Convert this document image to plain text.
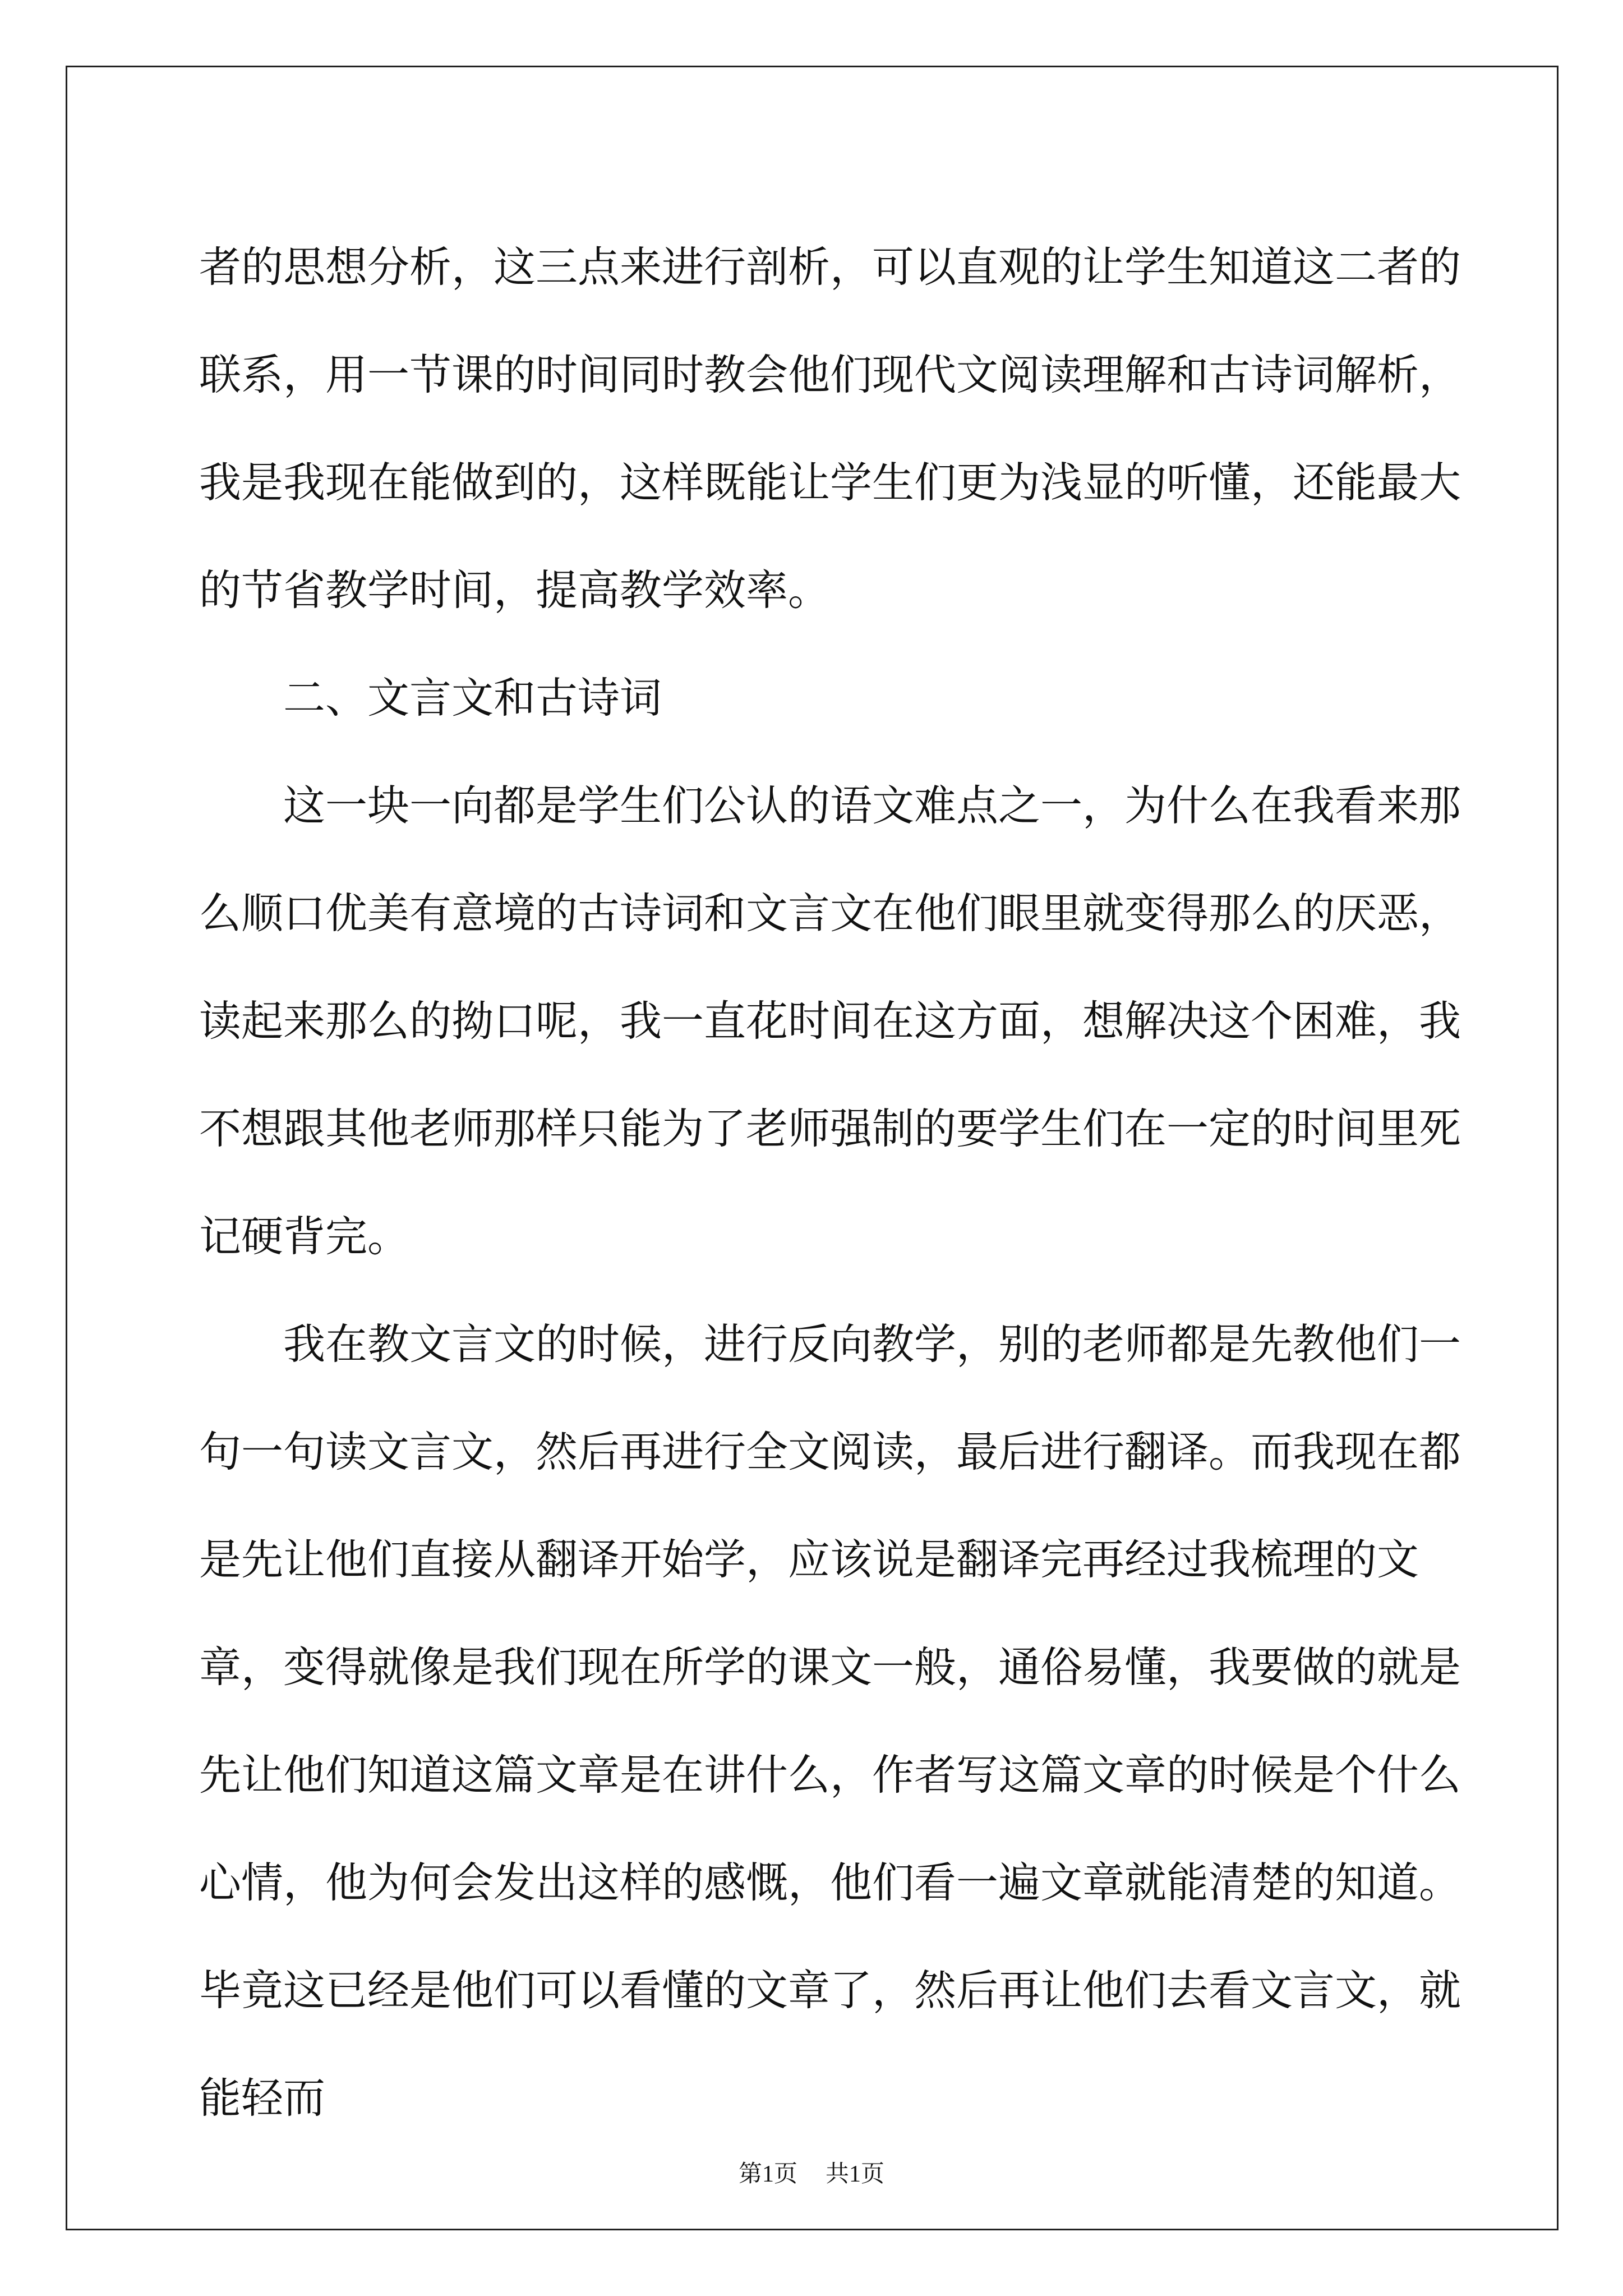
者的思想分析，这三点来进行剖析，可以直观的让学生知道这二者的联系，用一节课的时间同时教会他们现代文阅读理解和古诗词解析，我是我现在能做到的，这样既能让学生们更为浅显的听懂，还能最大的节省教学时间，提高教学效率。

二、文言文和古诗词

这一块一向都是学生们公认的语文难点之一，为什么在我看来那么顺口优美有意境的古诗词和文言文在他们眼里就变得那么的厌恶，读起来那么的拗口呢，我一直花时间在这方面，想解决这个困难，我不想跟其他老师那样只能为了老师强制的要学生们在一定的时间里死记硬背完。

我在教文言文的时候，进行反向教学，别的老师都是先教他们一句一句读文言文，然后再进行全文阅读，最后进行翻译。而我现在都是先让他们直接从翻译开始学，应该说是翻译完再经过我梳理的文章，变得就像是我们现在所学的课文一般，通俗易懂，我要做的就是先让他们知道这篇文章是在讲什么，作者写这篇文章的时候是个什么心情，他为何会发出这样的感慨，他们看一遍文章就能清楚的知道。毕竟这已经是他们可以看懂的文章了，然后再让他们去看文言文，就能轻而

第1页 共1页
